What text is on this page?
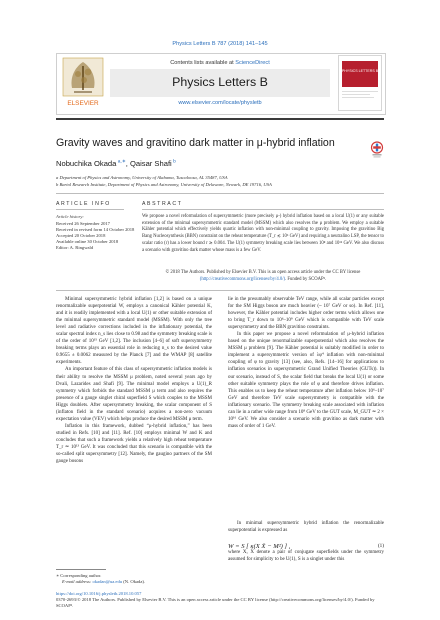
Physics Letters B 787 (2018) 141–145
ELSEVIER
Contents lists available at ScienceDirect
Physics Letters B
www.elsevier.com/locate/physletb
PHYSICS LETTERS B
Gravity waves and gravitino dark matter in μ-hybrid inflation
Nobuchika Okada $^{a,∗}$, Qaisar Shafi $^b$
a Department of Physics and Astronomy, University of Alabama, Tuscaloosa, AL 35487, USA
b Bartol Research Institute, Department of Physics and Astronomy, University of Delaware, Newark, DE 19716, USA
ARTICLE INFO
Article history:
Received 26 September 2017
Received in revised form 14 October 2018
Accepted 20 October 2018
Available online 30 October 2018
Editor: A. Ringwald
ABSTRACT
We propose a novel reformulation of supersymmetric (more precisely μ-) hybrid inflation based on a local U(1) or any suitable extension of the minimal supersymmetric standard model (MSSM) which also resolves the μ problem. We employ a suitable Kähler potential which effectively yields quartic inflation with non-minimal coupling to gravity. Imposing the gravitino Big Bang Nucleosynthesis (BBN) constraint on the reheat temperature (T_r ≲ 10⁶ GeV) and requiring a neutralino LSP, the tensor to scalar ratio (r) has a lower bound r ≳ 0.004. The U(1) symmetry breaking scale lies between 10⁸ and 10¹² GeV. We also discuss a scenario with gravitino dark matter whose mass is a few GeV.
© 2018 The Authors. Published by Elsevier B.V. This is an open access article under the CC BY license (http://creativecommons.org/licenses/by/4.0/). Funded by SCOAP³.

Minimal supersymmetric hybrid inflation [1,2] is based on a unique renormalizable superpotential W, employs a canonical Kähler potential K, and it is readily implemented with a local U(1) or other suitable extension of the minimal supersymmetric standard model (MSSM). With only the tree level and radiative corrections included in the inflationary potential, the scalar spectral index n_s lies close to 0.98 and the symmetry breaking scale is of the order of 10¹⁵ GeV [1,2]. The inclusion [4–6] of soft supersymmetry breaking terms plays an essential role in reducing n_s to the desired value 0.9655 ± 0.0062 measured by the Planck [7] and the WMAP [8] satellite experiments.

An important feature of this class of supersymmetric inflation models is their ability to resolve the MSSM μ problem, noted several years ago by Dvali, Lazarides and Shafi [9]. The minimal model employs a U(1)_R symmetry which forbids the standard MSSM μ term and also requires the presence of a gauge singlet chiral superfield S which couples to the MSSM Higgs doublets. After supersymmetry breaking, the scalar component of S (inflaton field in the standard scenario) acquires a non-zero vacuum expectation value (VEV) which helps produce the desired MSSM μ term.

Inflation in this framework, dubbed “μ-hybrid inflation,” has been studied in Refs. [10] and [11]. Ref. [10] employs minimal W and K and concludes that such a framework yields a relatively high reheat temperature T_r ≃ 10¹³ GeV. It was concluded that this scenario is compatible with the so-called split supersymmetry [12]. Namely, the gaugino partners of the SM gauge bosons

lie in the presumably observable TeV range, while all scalar particles except for the SM Higgs boson are much heavier (~ 10⁷ GeV or so). In Ref. [11], however, the Kähler potential includes higher order terms which allows one to bring T_r down to 10⁶–10⁹ GeV which is compatible with TeV scale supersymmetry and the BBN gravitino constraints.

In this paper we propose a novel reformulation of μ-hybrid inflation based on the unique renormalizable superpotential which also resolves the MSSM μ problem [9]. The Kähler potential is suitably modified in order to implement a supersymmetric version of λφ⁴ inflation with non-minimal coupling of φ to gravity [13] (see, also, Refs. [14–16] for applications to inflation scenarios in supersymmetric Grand Unified Theories (GUTs)). In our scenario, instead of S, the scalar field that breaks the local U(1) or some other suitable symmetry plays the role of φ and therefore drives inflation. This enables us to keep the reheat temperature after inflation below 10⁶–10⁷ GeV and therefore TeV scale supersymmetry is compatible with the inflationary scenario. The symmetry breaking scale associated with inflation can lie in a rather wide range from 10⁸ GeV to the GUT scale, M_GUT ≃ 2 × 10¹⁶ GeV. We also consider a scenario with gravitino as dark matter with mass of order of 1 GeV.

In minimal supersymmetric hybrid inflation the renormalizable superpotential is expressed as

W = S [ κ(X X̄ − M²) ] ,	(1)

where X, X̄ denote a pair of conjugate superfields under the symmetry assumed for simplicity to be U(1), S is a singlet under this

∗ Corresponding author.
E-mail address: okadan@ua.edu (N. Okada).
https://doi.org/10.1016/j.physletb.2018.10.057
0370-2693/© 2018 The Authors. Published by Elsevier B.V. This is an open access article under the CC BY license (http://creativecommons.org/licenses/by/4.0/). Funded by SCOAP³.
